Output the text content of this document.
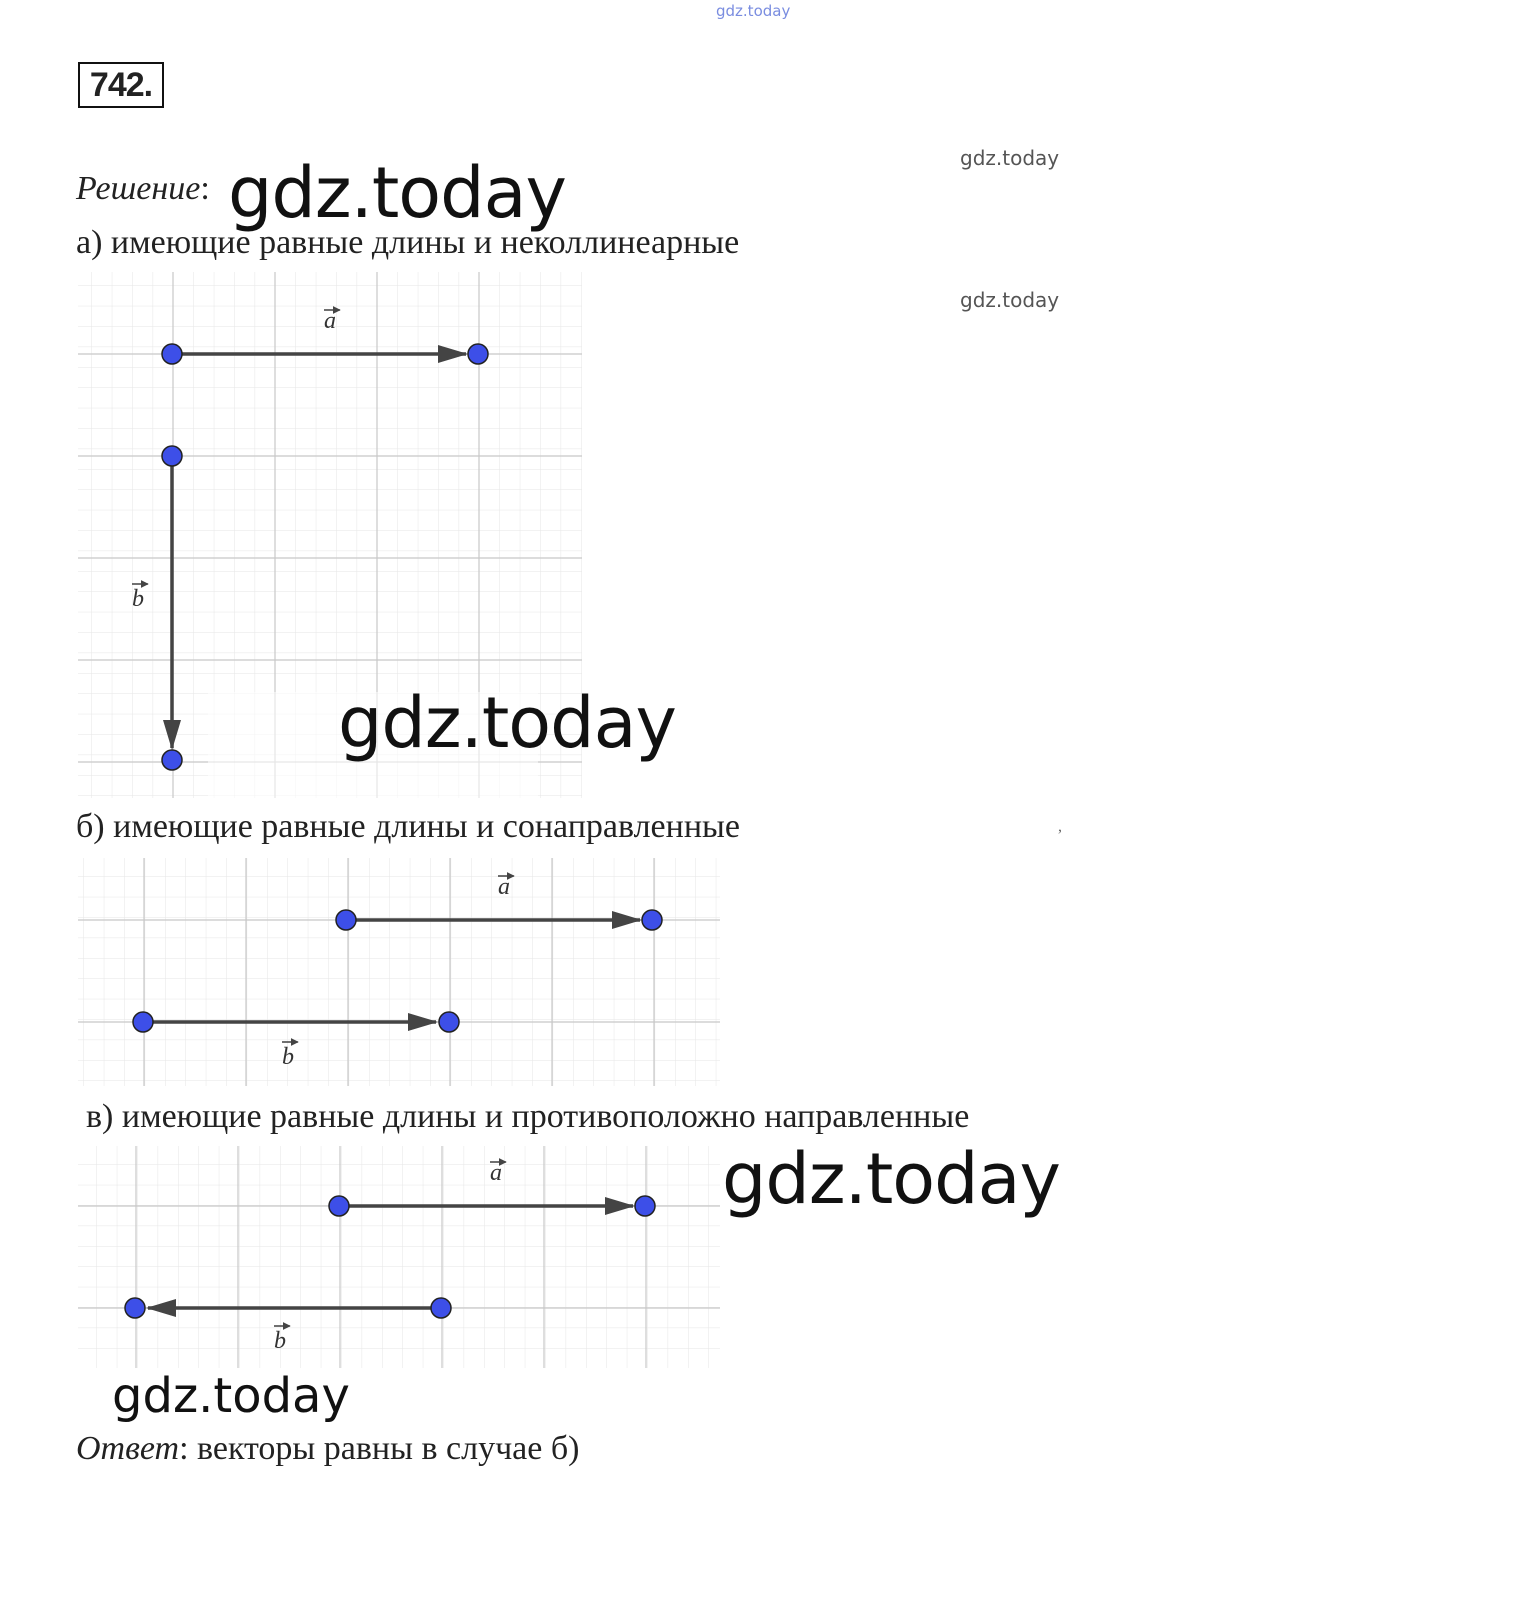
gdz.today
gdz.today
gdz.today
742.
Решение: gdz.today
а) имеющие равные длины и неколлинеарные
a
b
gdz.today
б) имеющие равные длины и сонаправленные	,
a
b
в) имеющие равные длины и противоположно направленные
gdz.today
a
b
gdz.today
Ответ: векторы равны в случае б)
